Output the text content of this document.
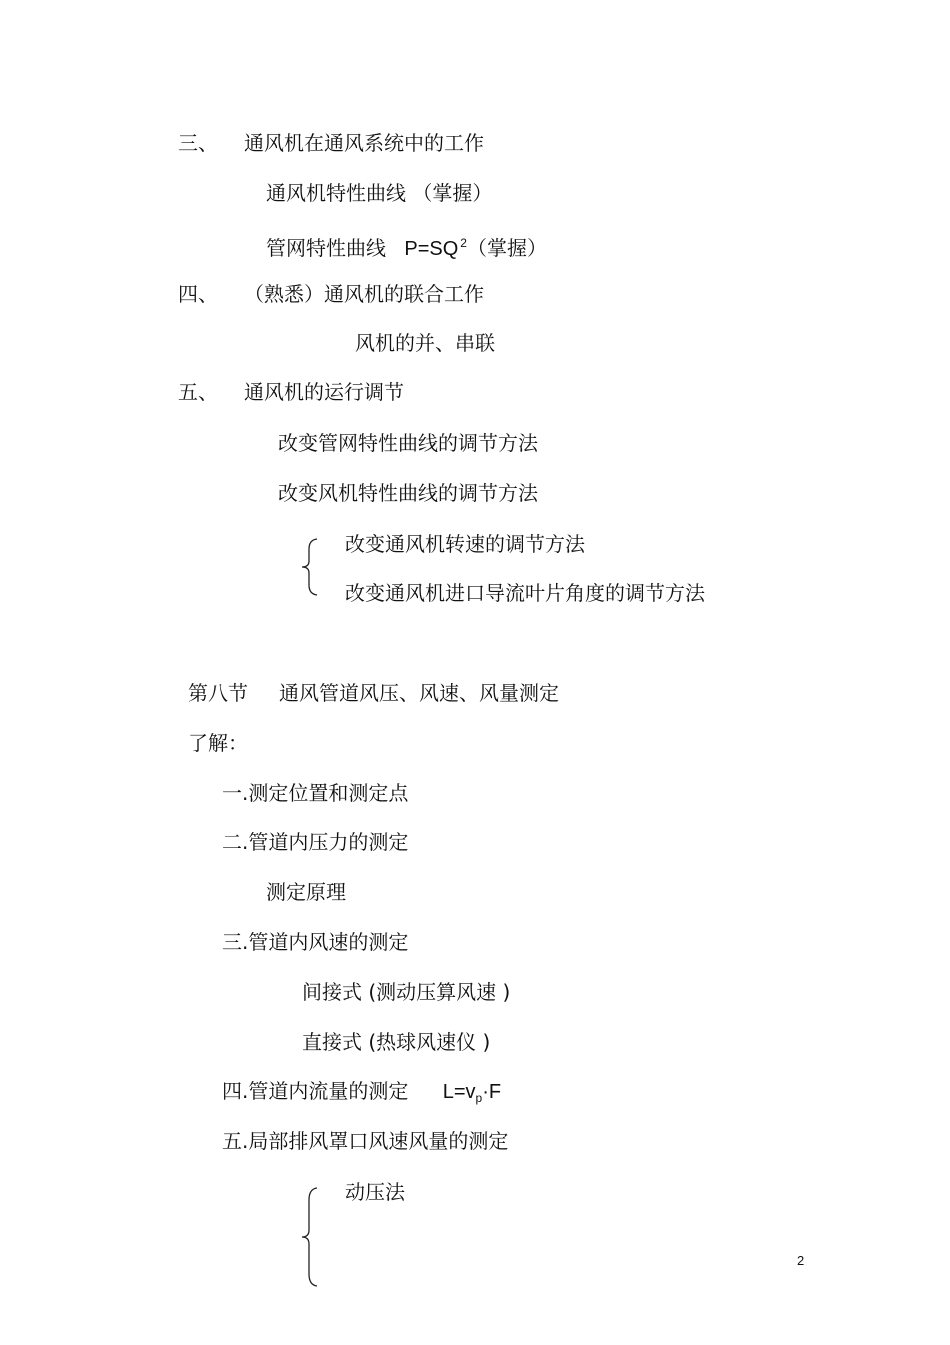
三、 通风机在通风系统中的工作
通风机特性曲线 （掌握）
管网特性曲线 P=SQ $^2$（掌握）
四、 （熟悉）通风机的联合工作
风机的并、串联
五、 通风机的运行调节
改变管网特性曲线的调节方法
改变风机特性曲线的调节方法
改变通风机转速的调节方法
改变通风机进口导流叶片角度的调节方法
第八节 通风管道风压、风速、风量测定
了解：
一.测定位置和测定点
二.管道内压力的测定
测定原理
三.管道内风速的测定
间接式 (测动压算风速 )
直接式 (热球风速仪 )
四.管道内流量的测定 $L=v_p\cdot F$
五.局部排风罩口风速风量的测定
动压法
2
